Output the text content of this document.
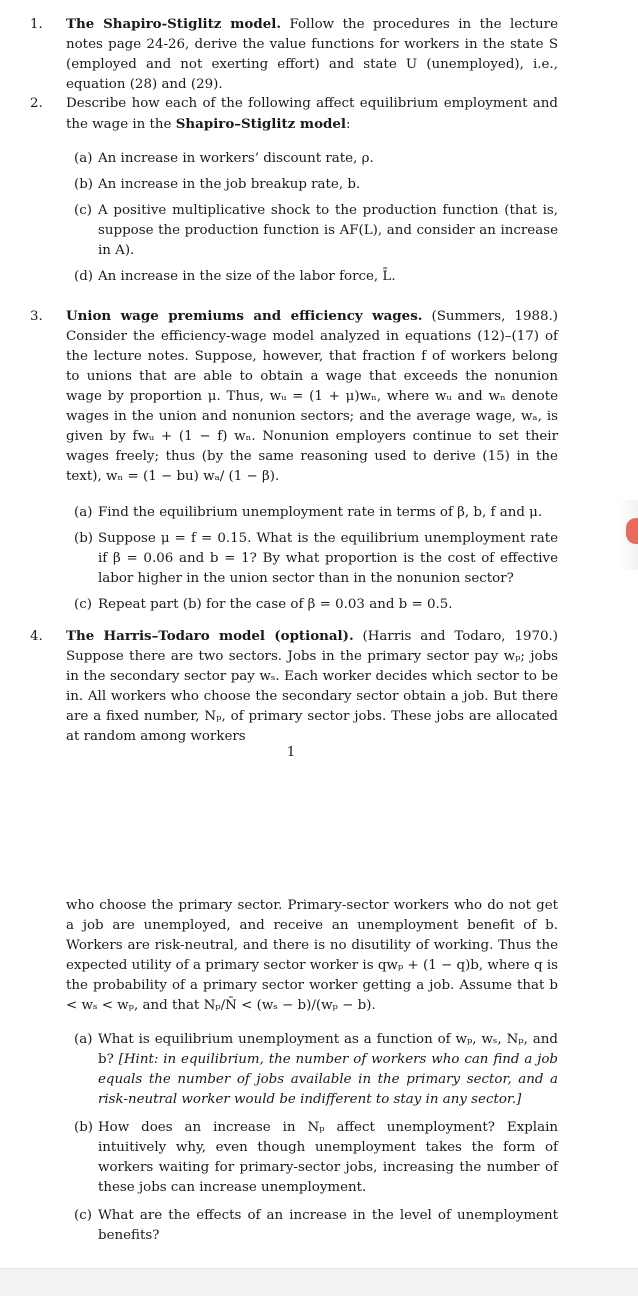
1. The Shapiro-Stiglitz model. Follow the procedures in the lecture notes page 24-26, derive the value functions for workers in the state S (employed and not exerting effort) and state U (unemployed), i.e., equation (28) and (29).

2. Describe how each of the following affect equilibrium employment and the wage in the Shapiro–Stiglitz model:

(a) An increase in workers’ discount rate, ρ.

(b) An increase in the job breakup rate, b.

(c) A positive multiplicative shock to the production function (that is, suppose the production function is AF(L), and consider an increase in A).

(d) An increase in the size of the labor force, L̄.

3. Union wage premiums and efficiency wages. (Summers, 1988.) Consider the efficiency-wage model analyzed in equations (12)–(17) of the lecture notes. Suppose, however, that fraction f of workers belong to unions that are able to obtain a wage that exceeds the nonunion wage by proportion μ. Thus, wᵤ = (1 + μ)wₙ, where wᵤ and wₙ denote wages in the union and nonunion sectors; and the average wage, wₐ, is given by fwᵤ + (1 − f) wₙ. Nonunion employers continue to set their wages freely; thus (by the same reasoning used to derive (15) in the text), wₙ = (1 − bu) wₐ/ (1 − β).

(a) Find the equilibrium unemployment rate in terms of β, b, f and μ.

(b) Suppose μ = f = 0.15. What is the equilibrium unemployment rate if β = 0.06 and b = 1? By what proportion is the cost of effective labor higher in the union sector than in the nonunion sector?

(c) Repeat part (b) for the case of β = 0.03 and b = 0.5.

4. The Harris–Todaro model (optional). (Harris and Todaro, 1970.) Suppose there are two sectors. Jobs in the primary sector pay wₚ; jobs in the secondary sector pay wₛ. Each worker decides which sector to be in. All workers who choose the secondary sector obtain a job. But there are a fixed number, Nₚ, of primary sector jobs. These jobs are allocated at random among workers

1

who choose the primary sector. Primary-sector workers who do not get a job are unemployed, and receive an unemployment benefit of b. Workers are risk-neutral, and there is no disutility of working. Thus the expected utility of a primary sector worker is qwₚ + (1 − q)b, where q is the probability of a primary sector worker getting a job. Assume that b < wₛ < wₚ, and that Nₚ/N̄ < (wₛ − b)/(wₚ − b).

(a) What is equilibrium unemployment as a function of wₚ, wₛ, Nₚ, and b? [Hint: in equilibrium, the number of workers who can find a job equals the number of jobs available in the primary sector, and a risk-neutral worker would be indifferent to stay in any sector.]

(b) How does an increase in Nₚ affect unemployment? Explain intuitively why, even though unemployment takes the form of workers waiting for primary-sector jobs, increasing the number of these jobs can increase unemployment.

(c) What are the effects of an increase in the level of unemployment benefits?
